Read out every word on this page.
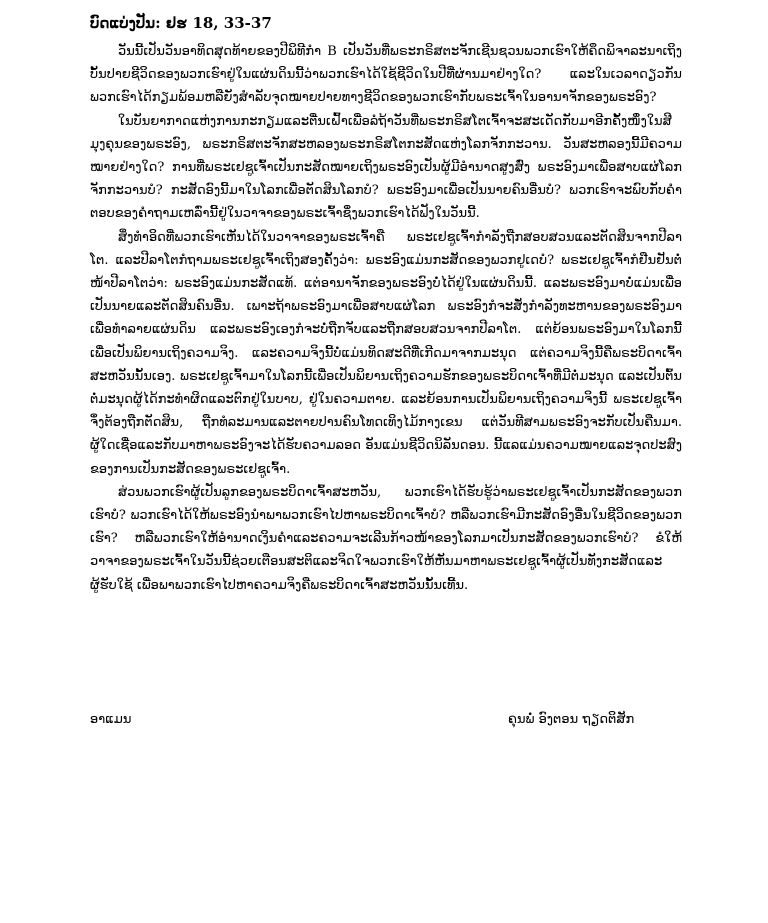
ບົດແບ່ງປັນ: ຢຮ 18, 33-37

ວັນນີ້ເປັນວັນອາທິດສຸດທ້າຍຂອງປີພິທີກຳ B ເປັນວັນທີ່ພຣະກຣິສຕະຈັກເຊີນຊວນພວກເຮົາໃຫ້ຄຶດພິຈາລະນາເຖິງບັ້ນປາຍຊີວິດຂອງພວກເຮົາຢູ່ໃນແຜ່ນດິນນີ້ວ່າພວກເຮົາໄດ້ໃຊ້ຊີວິດໃນປີທີ່ຜ່ານມາຢ່າງໃດ? ແລະໃນເວລາດຽວກັນພວກເຮົາໄດ້ກຽມພ້ອມຫລືຍັງສຳລັບຈຸດໝາຍປາຍທາງຊີວິດຂອງພວກເຮົາກັບພຣະເຈົ້າໃນອານາຈັກຂອງພຣະອົງ?

ໃນບັນຍາກາດແຫ່ງການກະກຽມແລະຕື່ນເຝົ້າເພື່ອລໍຖ້າວັນທີ່ພຣະກຣິສໂຕເຈົ້າຈະສະເດັດກັບມາອີກຄັ້ງໜຶ່ງໃນສີມຸງຄຸນຂອງພຣະອົງ, ພຣະກຣິສຕະຈັກສະຫລອງພຣະກຣິສໂຕກະສັດແຫ່ງໂລກຈັກກະວານ. ວັນສະຫລອງນີ້ມີຄວາມໝາຍຢ່າງໃດ? ການທີ່ພຣະເຢຊູເຈົ້າເປັນກະສັດໝາຍເຖິງພຣະອົງເປັນຜູ້ມີອຳນາດສູງສົ່ງ ພຣະອົງມາເພື່ອສາບແຜ່ໂລກຈັກກະວານບໍ? ກະສັດອົງນີ້ມາໃນໂລກເພື່ອຕັດສິນໂລກບໍ? ພຣະອົງມາເພື່ອເປັນນາຍຄົນອື່ນບໍ? ພວກເຮົາຈະພົບກັບຄຳຕອບຂອງຄຳຖາມເຫລົ່ານີ້ຢູ່ໃນວາຈາຂອງພຣະເຈົ້າຊຶ່ງພວກເຮົາໄດ້ຟັງໃນວັນນີ້.

ສິ່ງທຳອິດທີ່ພວກເຮົາເຫັນໄດ້ໃນວາຈາຂອງພຣະເຈົ້າຄື ພຣະເຢຊູເຈົ້າກຳລັງຖືກສອບສວນແລະຕັດສິນຈາກປີລາໂຕ. ແລະປີລາໂຕກໍຖາມພຣະເຢຊູເຈົ້າເຖິງສອງຄັ້ງວ່າ: ພຣະອົງແມ່ນກະສັດຂອງພວກຢູເດບໍ? ພຣະເຢຊູເຈົ້າກໍຢືນຢັນຕໍ່ໜ້າປີລາໂຕວ່າ: ພຣະອົງແມ່ນກະສັດແທ້. ແຕ່ອານາຈັກຂອງພຣະອົງບໍ່ໄດ້ຢູ່ໃນແຜ່ນດິນນີ້. ແລະພຣະອົງມາບໍ່ແມ່ນເພື່ອເປັນນາຍແລະຕັດສິນຄົນອື່ນ. ເພາະຖ້າພຣະອົງມາເພື່ອສາບແຜ່ໂລກ ພຣະອົງກໍຈະສັ່ງກຳລັງທະຫານຂອງພຣະອົງມາເພື່ອທຳລາຍແຜ່ນດິນ ແລະພຣະອົງເອງກໍຈະບໍ່ຖືກຈັບແລະຖືກສອບສວນຈາກປີລາໂຕ. ແຕ່ຍ້ອນພຣະອົງມາໃນໂລກນີ້ເພື່ອເປັນພິຍານເຖິງຄວາມຈິງ. ແລະຄວາມຈິງນີ້ບໍ່ແມ່ນທິດສະດີທີ່ເກີດມາຈາກມະນຸດ ແຕ່ຄວາມຈິງນີ້ຄືພຣະບິດາເຈົ້າສະຫວັນນັ້ນເອງ. ພຣະເຢຊູເຈົ້າມາໃນໂລກນີ້ເພື່ອເປັນພິຍານເຖິງຄວາມຮັກຂອງພຣະບິດາເຈົ້າທີ່ມີຕໍ່ມະນຸດ ແລະເປັນຕົ້ນຕໍ່ມະນຸດຜູ້ໄດ້ກະທຳຜິດແລະຕົກຢູ່ໃນບາບ, ຢູ່ໃນຄວາມຕາຍ. ແລະຍ້ອນການເປັນພິຍານເຖິງຄວາມຈິງນີ້ ພຣະເຢຊູເຈົ້າຈຶ່ງຕ້ອງຖືກຕັດສິນ, ຖືກທໍລະມານແລະຕາຍປານຄົນໂທດເທິງໄມ້ກາງເຂນ ແຕ່ວັນທີສາມພຣະອົງຈະກັບເປັນຄືນມາ. ຜູ້ໃດເຊື່ອແລະກັບມາຫາພຣະອົງຈະໄດ້ຮັບຄວາມລອດ ອັນແມ່ນຊີວິດນິລັນດອນ. ນີ້ແລແມ່ນຄວາມໝາຍແລະຈຸດປະສົງຂອງການເປັນກະສັດຂອງພຣະເຢຊູເຈົ້າ.

ສ່ວນພວກເຮົາຜູ້ເປັນລູກຂອງພຣະບິດາເຈົ້າສະຫວັນ, ພວກເຮົາໄດ້ຮັບຮູ້ວ່າພຣະເຢຊູເຈົ້າເປັນກະສັດຂອງພວກເຮົາບໍ? ພວກເຮົາໄດ້ໃຫ້ພຣະອົງນຳພາພວກເຮົາໄປຫາພຣະບິດາເຈົ້າບໍ? ຫລືພວກເຮົາມີກະສັດອົງອື່ນໃນຊີວິດຂອງພວກເຮົາ? ຫລືພວກເຮົາໃຫ້ອຳນາດເງິນຄຳແລະຄວາມຈະເລີນກ້າວໜ້າຂອງໂລກມາເປັນກະສັດຂອງພວກເຮົາບໍ? ຂໍໃຫ້ວາຈາຂອງພຣະເຈົ້າໃນວັນນີ້ຊ່ວຍເຕືອນສະຕິແລະຈິດໃຈພວກເຮົາໃຫ້ຫັນມາຫາພຣະເຢຊູເຈົ້າຜູ້ເປັນທັງກະສັດແລະຜູ້ຮັບໃຊ້ ເພື່ອພາພວກເຮົາໄປຫາຄວາມຈິງຄືພຣະບິດາເຈົ້າສະຫວັນນັ້ນເທີ້ນ.

ອາແມນ	ຄຸນພໍ່ ອົງຕອນ ຖຽດຕິສັກ
